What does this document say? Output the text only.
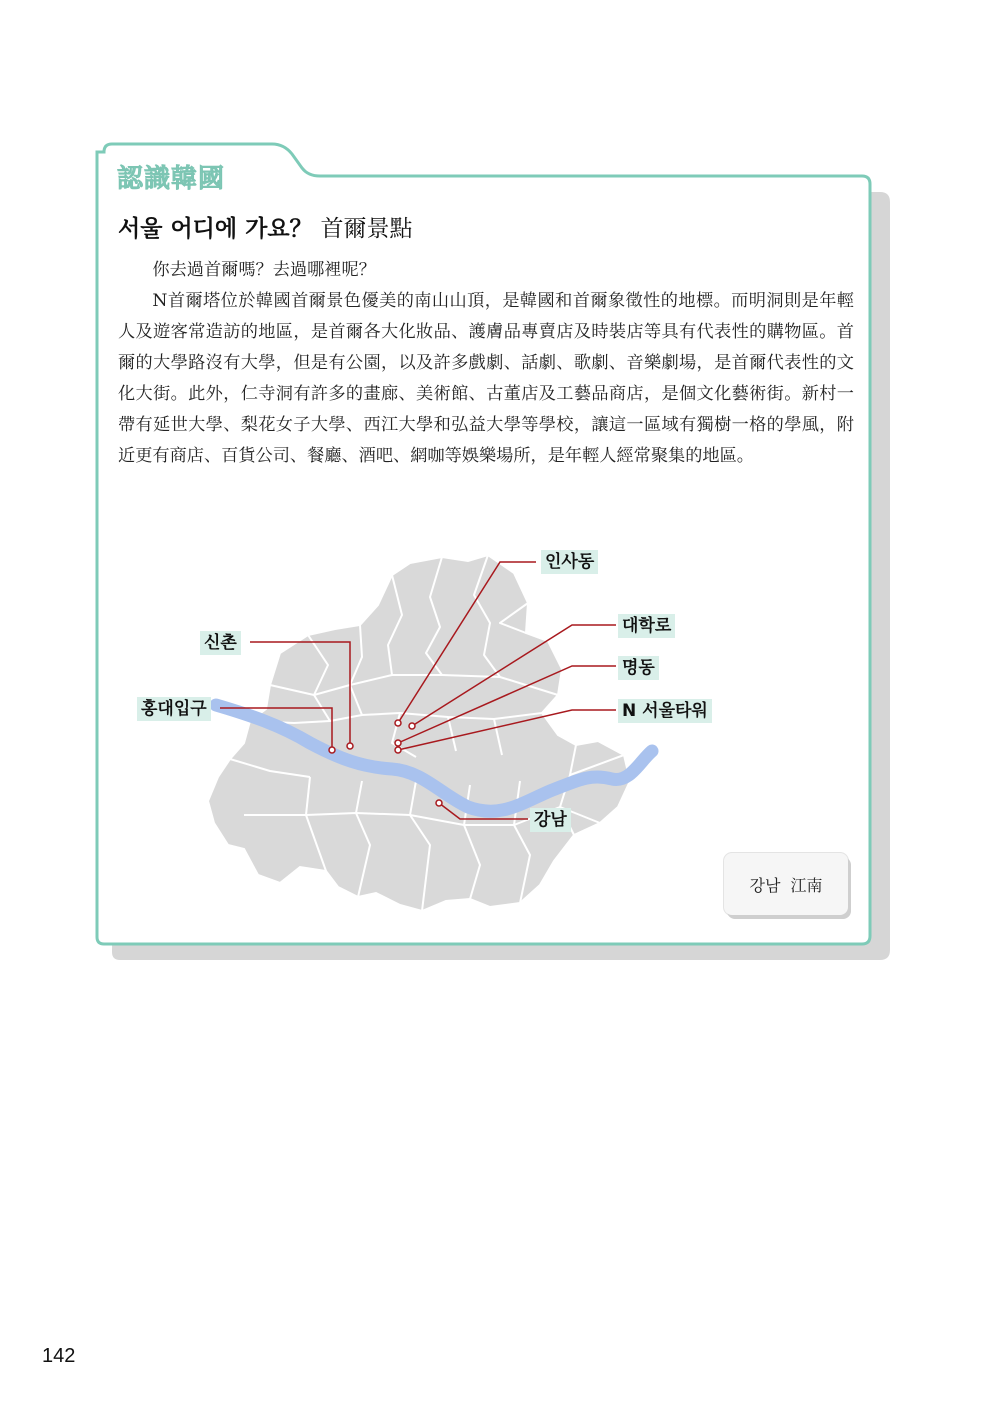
認識韓國
서울 어디에 가요？ 首爾景點

你去過首爾嗎？去過哪裡呢？

N首爾塔位於韓國首爾景色優美的南山山頂，是韓國和首爾象徵性的地標。而明洞則是年輕人及遊客常造訪的地區，是首爾各大化妝品、護膚品專賣店及時裝店等具有代表性的購物區。首爾的大學路沒有大學，但是有公園，以及許多戲劇、話劇、歌劇、音樂劇場，是首爾代表性的文化大街。此外，仁寺洞有許多的畫廊、美術館、古董店及工藝品商店，是個文化藝術街。新村一帶有延世大學、梨花女子大學、西江大學和弘益大學等學校，讓這一區域有獨樹一格的學風，附近更有商店、百貨公司、餐廳、酒吧、網咖等娛樂場所，是年輕人經常聚集的地區。

인사동
대학로
명동
N 서울타워
신촌
홍대입구
강남
강남 江南
142
